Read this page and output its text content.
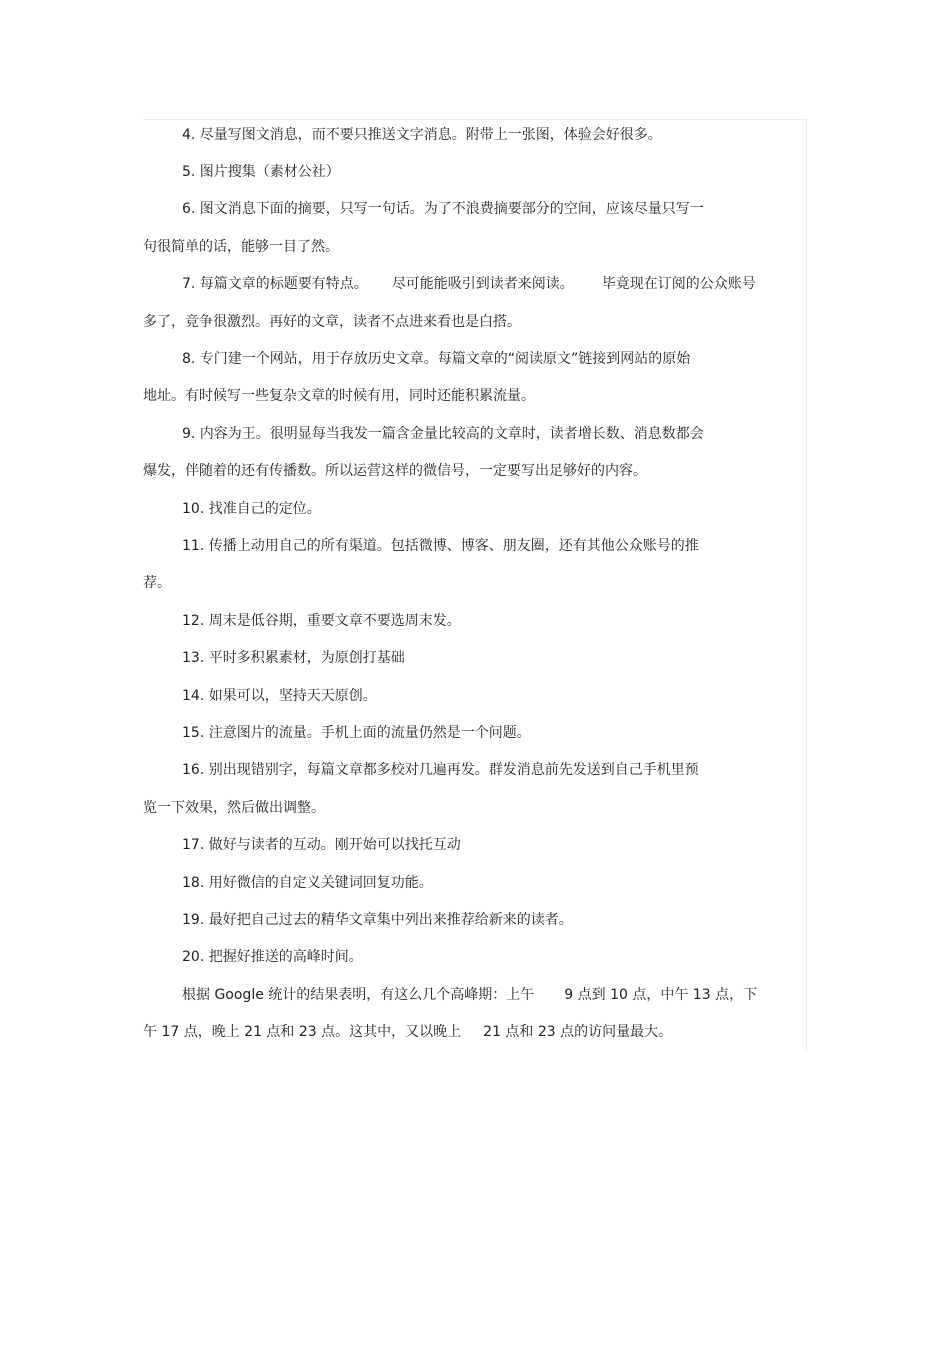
4. 尽量写图文消息，而不要只推送文字消息。附带上一张图，体验会好很多。
5. 图片搜集（素材公社）
6. 图文消息下面的摘要，只写一句话。为了不浪费摘要部分的空间，应该尽量只写一
句很简单的话，能够一目了然。
7. 每篇文章的标题要有特点。 尽可能能吸引到读者来阅读。 毕竟现在订阅的公众账号
多了，竞争很激烈。再好的文章，读者不点进来看也是白搭。
8. 专门建一个网站，用于存放历史文章。每篇文章的“阅读原文”链接到网站的原始
地址。有时候写一些复杂文章的时候有用，同时还能积累流量。
9. 内容为王。很明显每当我发一篇含金量比较高的文章时，读者增长数、消息数都会
爆发，伴随着的还有传播数。所以运营这样的微信号，一定要写出足够好的内容。
10. 找准自己的定位。
11. 传播上动用自己的所有渠道。包括微博、博客、朋友圈，还有其他公众账号的推
荐。
12. 周末是低谷期，重要文章不要选周末发。
13. 平时多积累素材，为原创打基础
14. 如果可以，坚持天天原创。
15. 注意图片的流量。手机上面的流量仍然是一个问题。
16. 别出现错别字，每篇文章都多校对几遍再发。群发消息前先发送到自己手机里预
览一下效果，然后做出调整。
17. 做好与读者的互动。刚开始可以找托互动
18. 用好微信的自定义关键词回复功能。
19. 最好把自己过去的精华文章集中列出来推荐给新来的读者。
20. 把握好推送的高峰时间。
根据 Google 统计的结果表明，有这么几个高峰期：上午 9 点到 10 点，中午 13 点，下
午 17 点，晚上 21 点和 23 点。这其中，又以晚上 21 点和 23 点的访问量最大。
